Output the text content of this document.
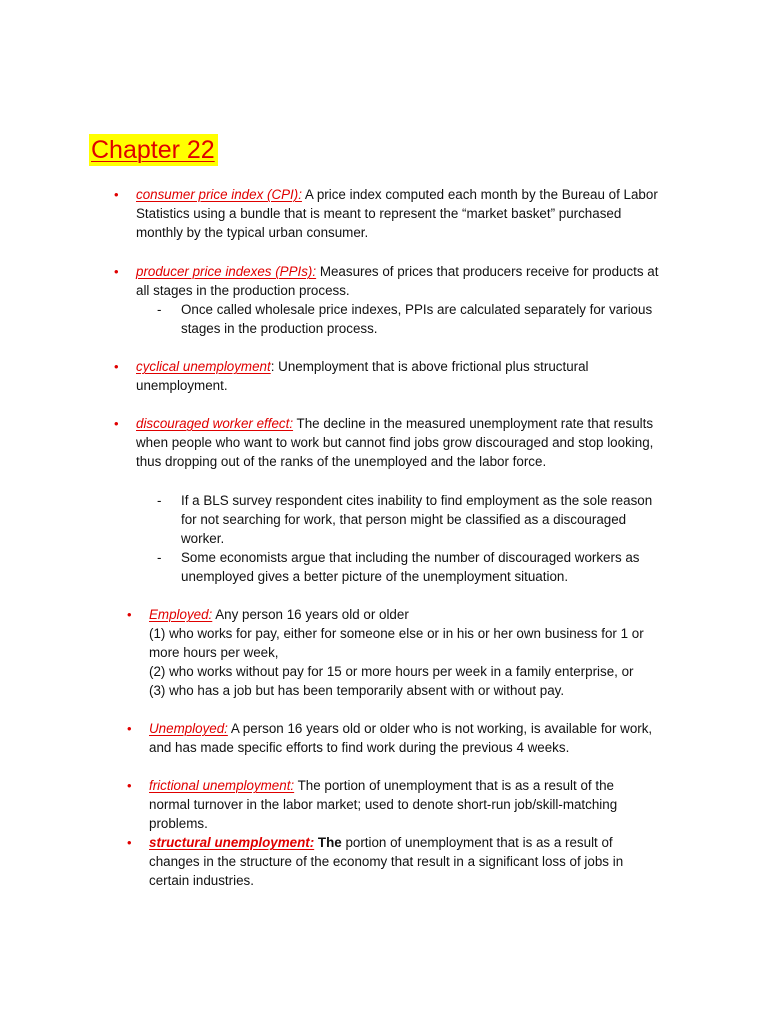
Chapter 22
• consumer price index (CPI): A price index computed each month by the Bureau of Labor
Statistics using a bundle that is meant to represent the “market basket” purchased
monthly by the typical urban consumer.
• producer price indexes (PPIs): Measures of prices that producers receive for products at
all stages in the production process.
-	Once called wholesale price indexes, PPIs are calculated separately for various
stages in the production process.
• cyclical unemployment: Unemployment that is above frictional plus structural
unemployment.
• discouraged worker effect: The decline in the measured unemployment rate that results
when people who want to work but cannot find jobs grow discouraged and stop looking,
thus dropping out of the ranks of the unemployed and the labor force.
-	If a BLS survey respondent cites inability to find employment as the sole reason
for not searching for work, that person might be classified as a discouraged
worker.
-	Some economists argue that including the number of discouraged workers as
unemployed gives a better picture of the unemployment situation.
• Employed: Any person 16 years old or older
(1) who works for pay, either for someone else or in his or her own business for 1 or
more hours per week,
(2) who works without pay for 15 or more hours per week in a family enterprise, or
(3) who has a job but has been temporarily absent with or without pay.
• Unemployed: A person 16 years old or older who is not working, is available for work,
and has made specific efforts to find work during the previous 4 weeks.
• frictional unemployment: The portion of unemployment that is as a result of the
normal turnover in the labor market; used to denote short-run job/skill-matching
problems.
• structural unemployment: The portion of unemployment that is as a result of
changes in the structure of the economy that result in a significant loss of jobs in
certain industries.
